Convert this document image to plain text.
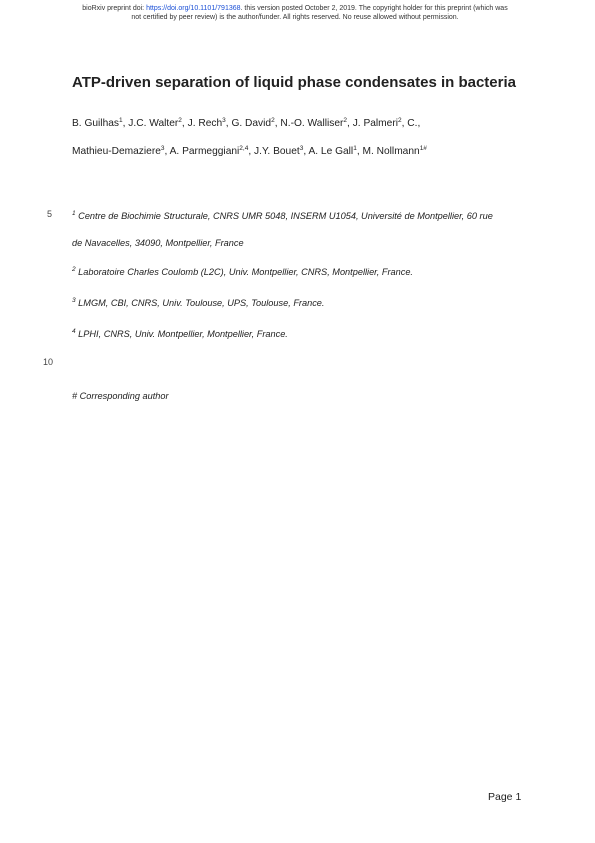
bioRxiv preprint doi: https://doi.org/10.1101/791368. this version posted October 2, 2019. The copyright holder for this preprint (which was
not certified by peer review) is the author/funder. All rights reserved. No reuse allowed without permission.
ATP-driven separation of liquid phase condensates in bacteria
B. Guilhas$^1$, J.C. Walter$^2$, J. Rech$^3$, G. David$^2$, N.-O. Walliser$^2$, J. Palmeri$^2$, C.,
Mathieu-Demaziere$^3$, A. Parmeggiani$^{2,4}$, J.Y. Bouet$^3$, A. Le Gall$^1$, M. Nollmann$^{1\#}$
5	$^1$ Centre de Biochimie Structurale, CNRS UMR 5048, INSERM U1054, Université de Montpellier, 60 rue
de Navacelles, 34090, Montpellier, France
$^2$ Laboratoire Charles Coulomb (L2C), Univ. Montpellier, CNRS, Montpellier, France.
$^3$ LMGM, CBI, CNRS, Univ. Toulouse, UPS, Toulouse, France.
$^4$ LPHI, CNRS, Univ. Montpellier, Montpellier, France.
10
# Corresponding author
Page 1
